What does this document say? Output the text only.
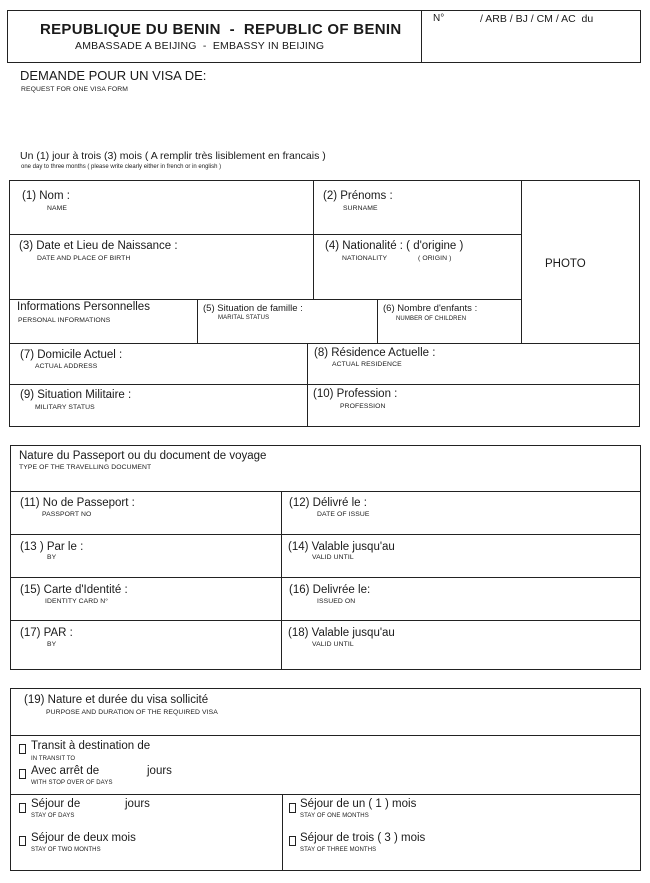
REPUBLIQUE DU BENIN  -  REPUBLIC OF BENIN
AMBASSADE A BEIJING  -  EMBASSY IN BEIJING
N°	/ ARB / BJ / CM / AC  du
DEMANDE POUR UN VISA DE:
REQUEST FOR ONE VISA FORM
Un (1) jour à trois (3) mois ( A remplir très lisiblement en francais )
one day to three months ( please write clearly either in french or in english )
(1) Nom :
NAME
(2) Prénoms :
SURNAME
(3) Date et Lieu de Naissance :
DATE AND PLACE OF BIRTH
(4) Nationalité : ( d'origine )
NATIONALITY	( ORIGIN )	PHOTO
Informations Personnelles
PERSONAL INFORMATIONS
(5) Situation de famille :
MARITAL STATUS
(6) Nombre d'enfants :
NUMBER OF CHILDREN
(7) Domicile Actuel :
ACTUAL ADDRESS
(8) Résidence Actuelle :
ACTUAL RESIDENCE
(9) Situation Militaire :
MILITARY STATUS
(10) Profession :
PROFESSION
Nature du Passeport ou du document de voyage
TYPE OF THE TRAVELLING DOCUMENT
(11) No de Passeport :
PASSPORT NO
(12) Délivré le :
DATE OF ISSUE
(13 ) Par le :
BY
(14) Valable jusqu'au
VALID UNTIL
(15) Carte d'Identité :
IDENTITY CARD N°
(16) Delivrée le:
ISSUED ON
(17) PAR :
BY
(18) Valable jusqu'au
VALID UNTIL
(19) Nature et durée du visa sollicité
PURPOSE AND DURATION OF THE REQUIRED VISA
Transit à destination de
IN TRANSIT TO
Avec arrêt de	jours
WITH STOP OVER OF DAYS
Séjour de	jours
STAY OF DAYS
Séjour de un ( 1 ) mois
STAY OF ONE MONTHS
Séjour de deux mois
STAY OF TWO MONTHS
Séjour de trois ( 3 ) mois
STAY OF THREE MONTHS
